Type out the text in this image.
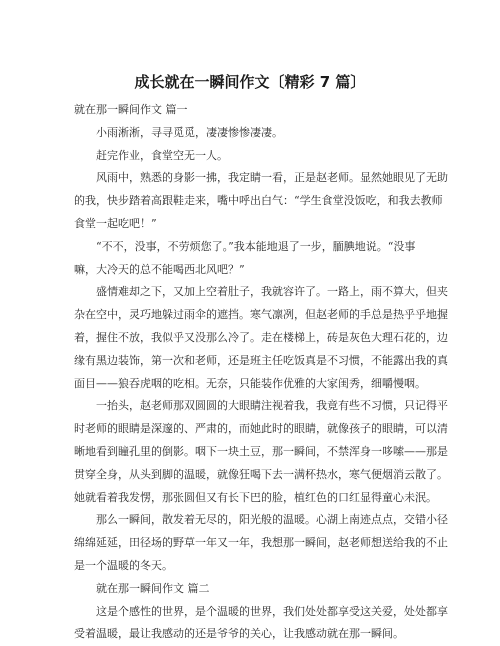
成长就在一瞬间作文〔精彩 7 篇〕
就在那一瞬间作文 篇一
小雨淅淅，寻寻觅觅，凄凄惨惨凄凄。
赶完作业，食堂空无一人。
风雨中，熟悉的身影一拂，我定睛一看，正是赵老师。显然她眼见了无助
的我，快步踏着高跟鞋走来，嘴中呼出白气：“学生食堂没饭吃，和我去教师
食堂一起吃吧！”
“不不，没事，不劳烦您了。”我本能地退了一步，腼腆地说。“没事
嘛，大冷天的总不能喝西北风吧？”
盛情难却之下，又加上空着肚子，我就容许了。一路上，雨不算大，但夹
杂在空中，灵巧地躲过雨伞的遮挡。寒气凛冽，但赵老师的手总是热乎乎地握
着，握住不放，我似乎又没那么冷了。走在楼梯上，砖是灰色大理石花的，边
缘有黑边装饰，第一次和老师，还是班主任吃饭真是不习惯，不能露出我的真
面目——狼吞虎咽的吃相。无奈，只能装作优雅的大家闺秀，细嚼慢咽。
一抬头，赵老师那双圆圆的大眼睛注视着我，我竟有些不习惯，只记得平
时老师的眼睛是深邃的、严肃的，而她此时的眼睛，就像孩子的眼睛，可以清
晰地看到瞳孔里的倒影。咽下一块土豆，那一瞬间，不禁浑身一哆嗦——那是
贯穿全身，从头到脚的温暖，就像狂喝下去一满杯热水，寒气便烟消云散了。
她就看着我发愣，那张圆但又有长下巴的脸，植红色的口红显得童心未泯。
那么一瞬间，散发着无尽的，阳光般的温暖。心湖上南迹点点，交错小径
绵绵延延，田径场的野草一年又一年，我想那一瞬间，赵老师想送给我的不止
是一个温暖的冬天。
就在那一瞬间作文 篇二
这是个感性的世界，是个温暖的世界，我们处处都享受这关爱，处处都享
受着温暖，最让我感动的还是爷爷的关心，让我感动就在那一瞬间。
